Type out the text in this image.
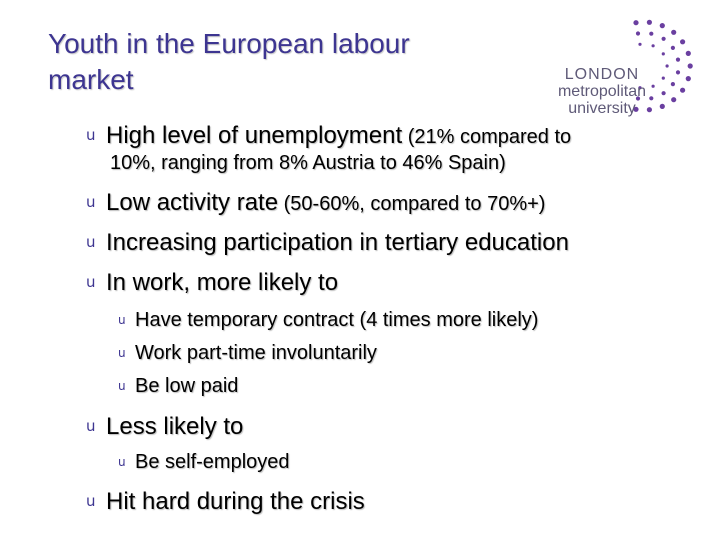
Youth in the European labour
market	LONDON
metropolitan
university
u High level of unemployment (21% compared to
10%, ranging from 8% Austria to 46% Spain)
u Low activity rate (50-60%, compared to 70%+)
u Increasing participation in tertiary education
u In work, more likely to
u Have temporary contract (4 times more likely)
u Work part-time involuntarily
u Be low paid
u Less likely to
u Be self-employed
u Hit hard during the crisis
